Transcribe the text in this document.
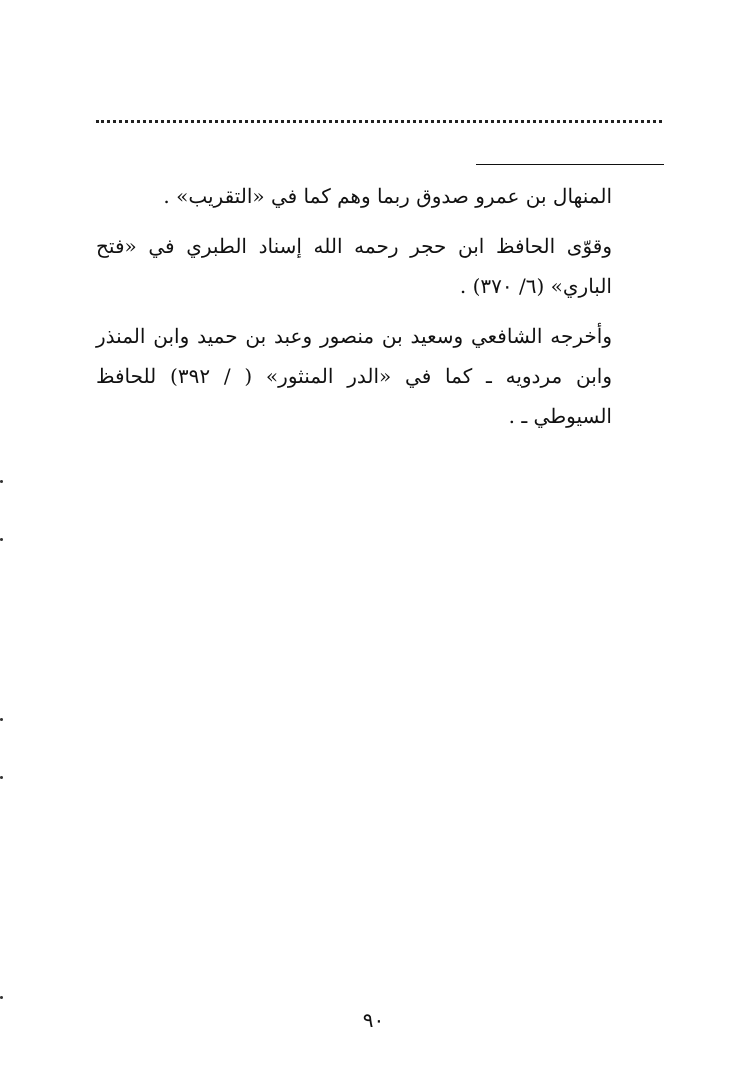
المنهال بن عمرو صدوق ربما وهم كما في «التقريب» .

وقوّى الحافظ ابن حجر رحمه الله إسناد الطبري في «فتح الباري» (٦/ ٣٧٠) .

وأخرجه الشافعي وسعيد بن منصور وعبد بن حميد وابن المنذر وابن مردويه ـ كما في «الدر المنثور» ( / ٣٩٢) للحافظ السيوطي ـ .

٩٠
